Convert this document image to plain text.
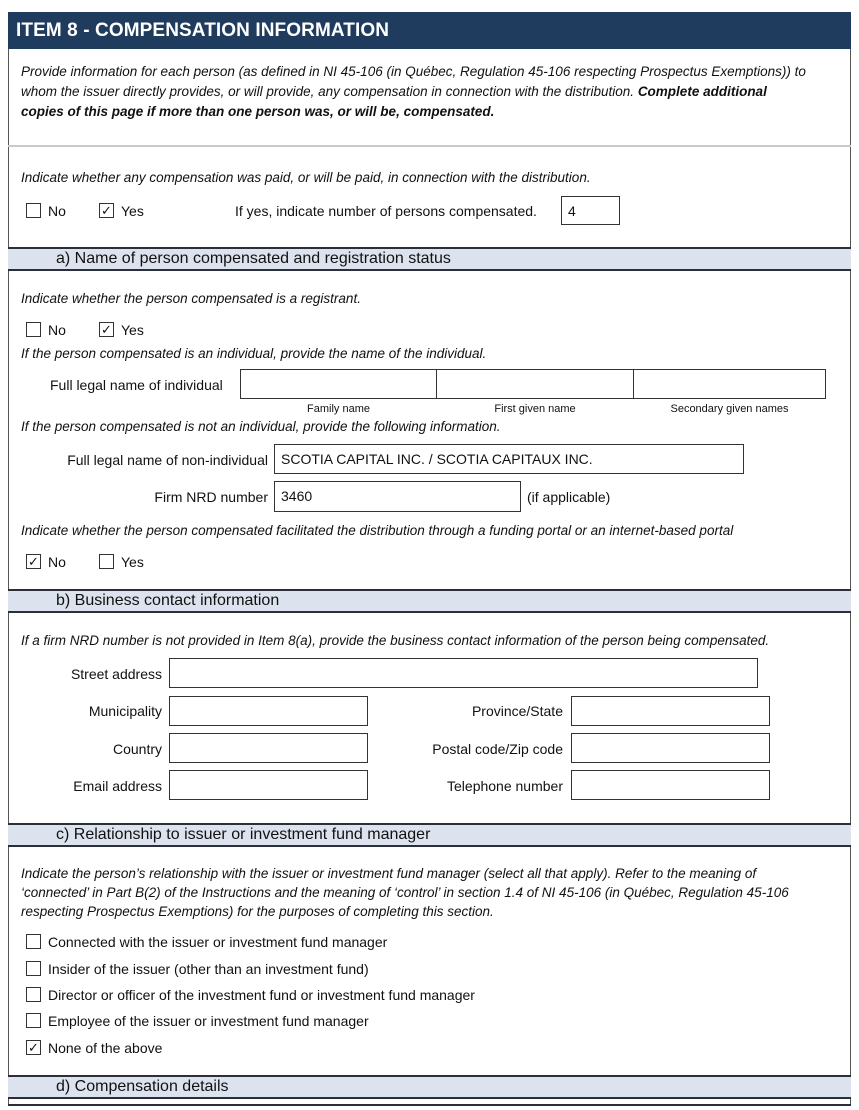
ITEM 8 - COMPENSATION INFORMATION
Provide information for each person (as defined in NI 45-106 (in Québec, Regulation 45-106 respecting Prospectus Exemptions)) to
whom the issuer directly provides, or will provide, any compensation in connection with the distribution. Complete additional
copies of this page if more than one person was, or will be, compensated.
Indicate whether any compensation was paid, or will be paid, in connection with the distribution.
No	✓ Yes	If yes, indicate number of persons compensated.	4
a) Name of person compensated and registration status
Indicate whether the person compensated is a registrant.
No	✓ Yes
If the person compensated is an individual, provide the name of the individual.
Full legal name of individual
Family name	First given name	Secondary given names
If the person compensated is not an individual, provide the following information.
Full legal name of non-individual SCOTIA CAPITAL INC. / SCOTIA CAPITAUX INC.
Firm NRD number 3460	(if applicable)
Indicate whether the person compensated facilitated the distribution through a funding portal or an internet-based portal
✓ No	Yes
b) Business contact information
If a firm NRD number is not provided in Item 8(a), provide the business contact information of the person being compensated.
Street address
Municipality	Province/State
Country	Postal code/Zip code
Email address	Telephone number
c) Relationship to issuer or investment fund manager
Indicate the person’s relationship with the issuer or investment fund manager (select all that apply). Refer to the meaning of
‘connected’ in Part B(2) of the Instructions and the meaning of ‘control’ in section 1.4 of NI 45-106 (in Québec, Regulation 45-106
respecting Prospectus Exemptions) for the purposes of completing this section.
Connected with the issuer or investment fund manager
Insider of the issuer (other than an investment fund)
Director or officer of the investment fund or investment fund manager
Employee of the issuer or investment fund manager
✓ None of the above
d) Compensation details
